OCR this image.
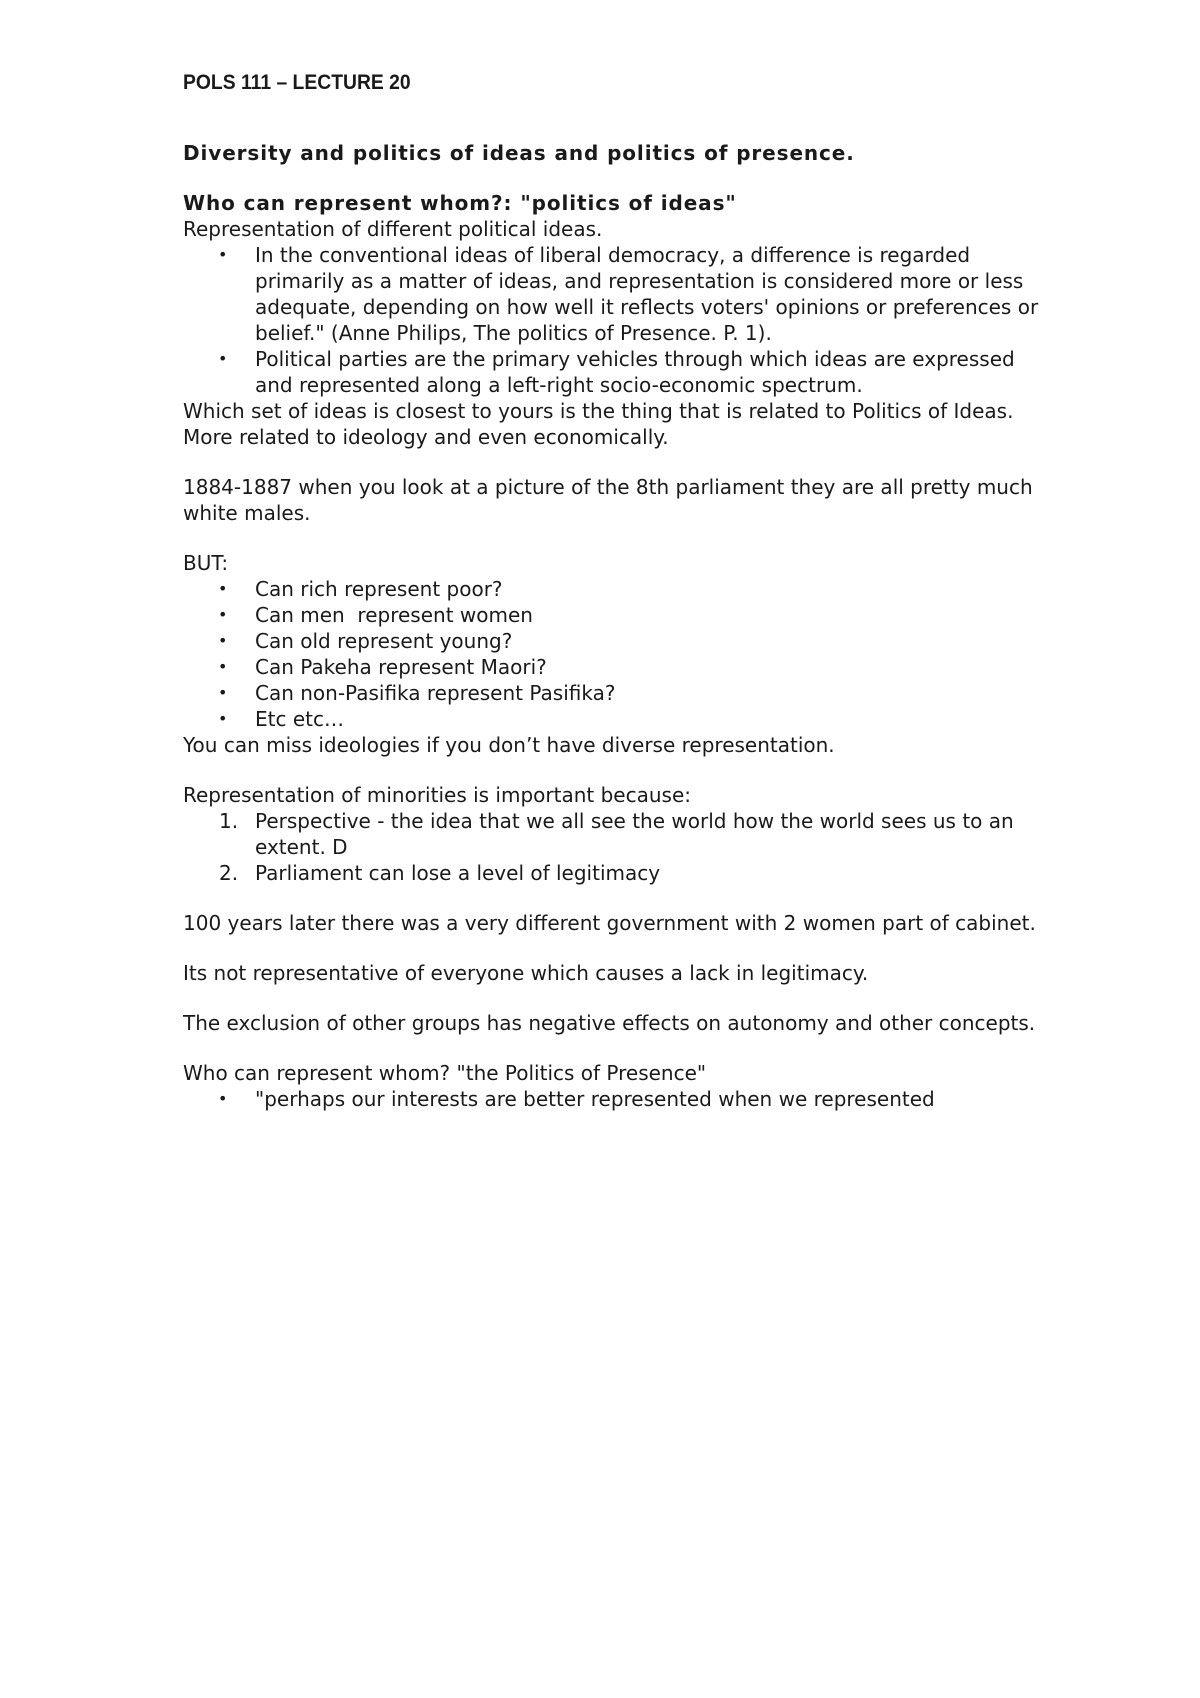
POLS 111 – LECTURE 20

Diversity and politics of ideas and politics of presence.

Who can represent whom?: "politics of ideas"

Representation of different political ideas.

• In the conventional ideas of liberal democracy, a difference is regarded primarily as a matter of ideas, and representation is considered more or less adequate, depending on how well it reflects voters' opinions or preferences or belief." (Anne Philips, The politics of Presence. P. 1).
• Political parties are the primary vehicles through which ideas are expressed and represented along a left-right socio-economic spectrum.

Which set of ideas is closest to yours is the thing that is related to Politics of Ideas. More related to ideology and even economically.

1884-1887 when you look at a picture of the 8th parliament they are all pretty much white males.

BUT:

• Can rich represent poor?
• Can men  represent women
• Can old represent young?
• Can Pakeha represent Maori?
• Can non-Pasifika represent Pasifika?
• Etc etc…

You can miss ideologies if you don’t have diverse representation.

Representation of minorities is important because:

1. Perspective - the idea that we all see the world how the world sees us to an extent. D
2. Parliament can lose a level of legitimacy

100 years later there was a very different government with 2 women part of cabinet.

Its not representative of everyone which causes a lack in legitimacy.

The exclusion of other groups has negative effects on autonomy and other concepts.

Who can represent whom? "the Politics of Presence"

• "perhaps our interests are better represented when we represented
